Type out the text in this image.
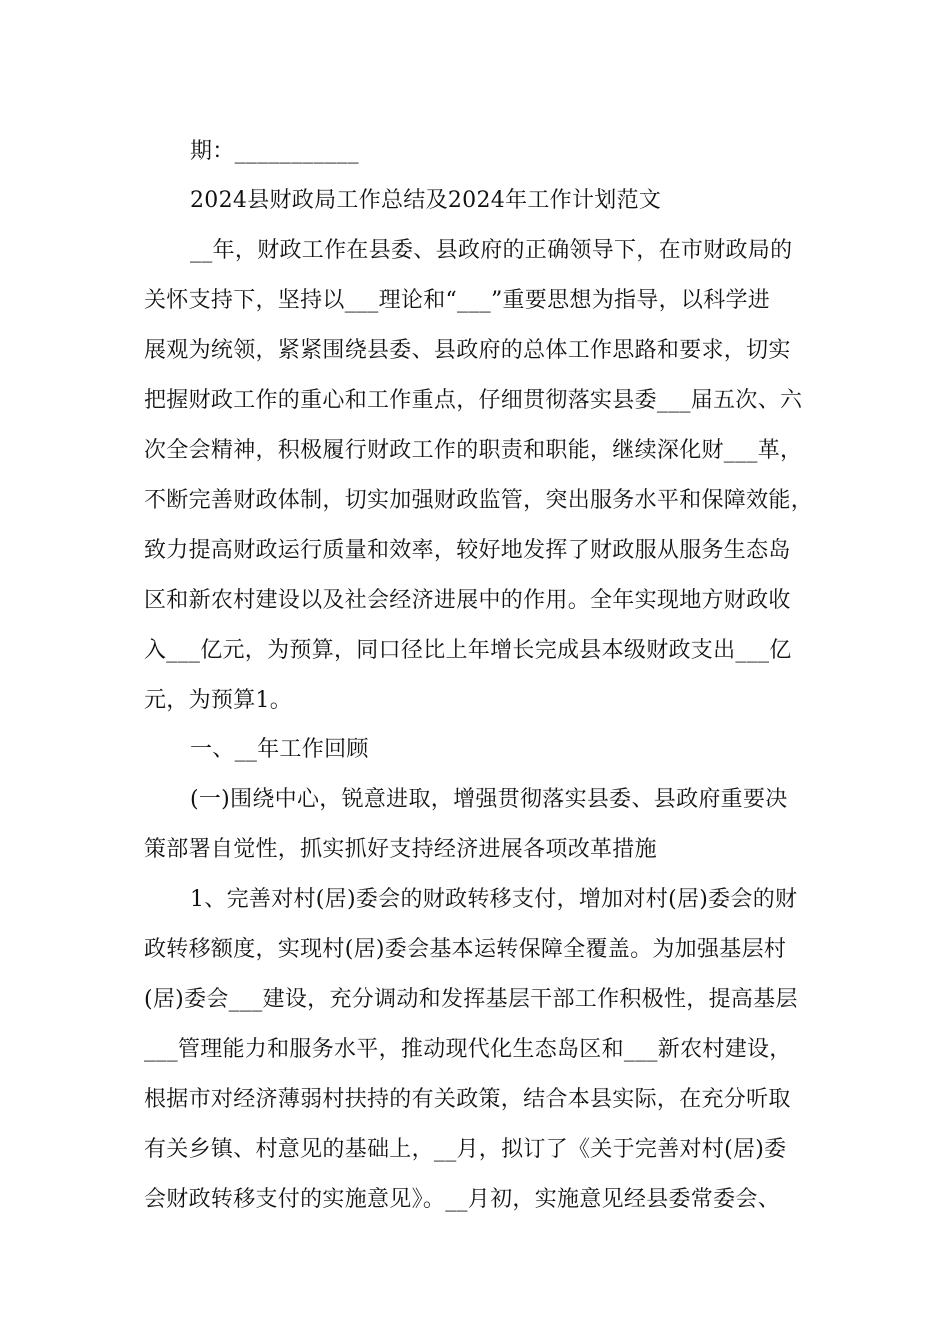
期：___________
2024县财政局工作总结及2024年工作计划范文
__年，财政工作在县委、县政府的正确领导下，在市财政局的
关怀支持下，坚持以___理论和“___”重要思想为指导，以科学进
展观为统领，紧紧围绕县委、县政府的总体工作思路和要求，切实
把握财政工作的重心和工作重点，仔细贯彻落实县委___届五次、六
次全会精神，积极履行财政工作的职责和职能，继续深化财___革，
不断完善财政体制，切实加强财政监管，突出服务水平和保障效能，
致力提高财政运行质量和效率，较好地发挥了财政服从服务生态岛
区和新农村建设以及社会经济进展中的作用。全年实现地方财政收
入___亿元，为预算，同口径比上年增长完成县本级财政支出___亿
元，为预算1。
一、__年工作回顾
(一)围绕中心，锐意进取，增强贯彻落实县委、县政府重要决
策部署自觉性，抓实抓好支持经济进展各项改革措施
1、完善对村(居)委会的财政转移支付，增加对村(居)委会的财
政转移额度，实现村(居)委会基本运转保障全覆盖。为加强基层村
(居)委会___建设，充分调动和发挥基层干部工作积极性，提高基层
___管理能力和服务水平，推动现代化生态岛区和___新农村建设，
根据市对经济薄弱村扶持的有关政策，结合本县实际，在充分听取
有关乡镇、村意见的基础上，__月，拟订了《关于完善对村(居)委
会财政转移支付的实施意见》。__月初，实施意见经县委常委会、
